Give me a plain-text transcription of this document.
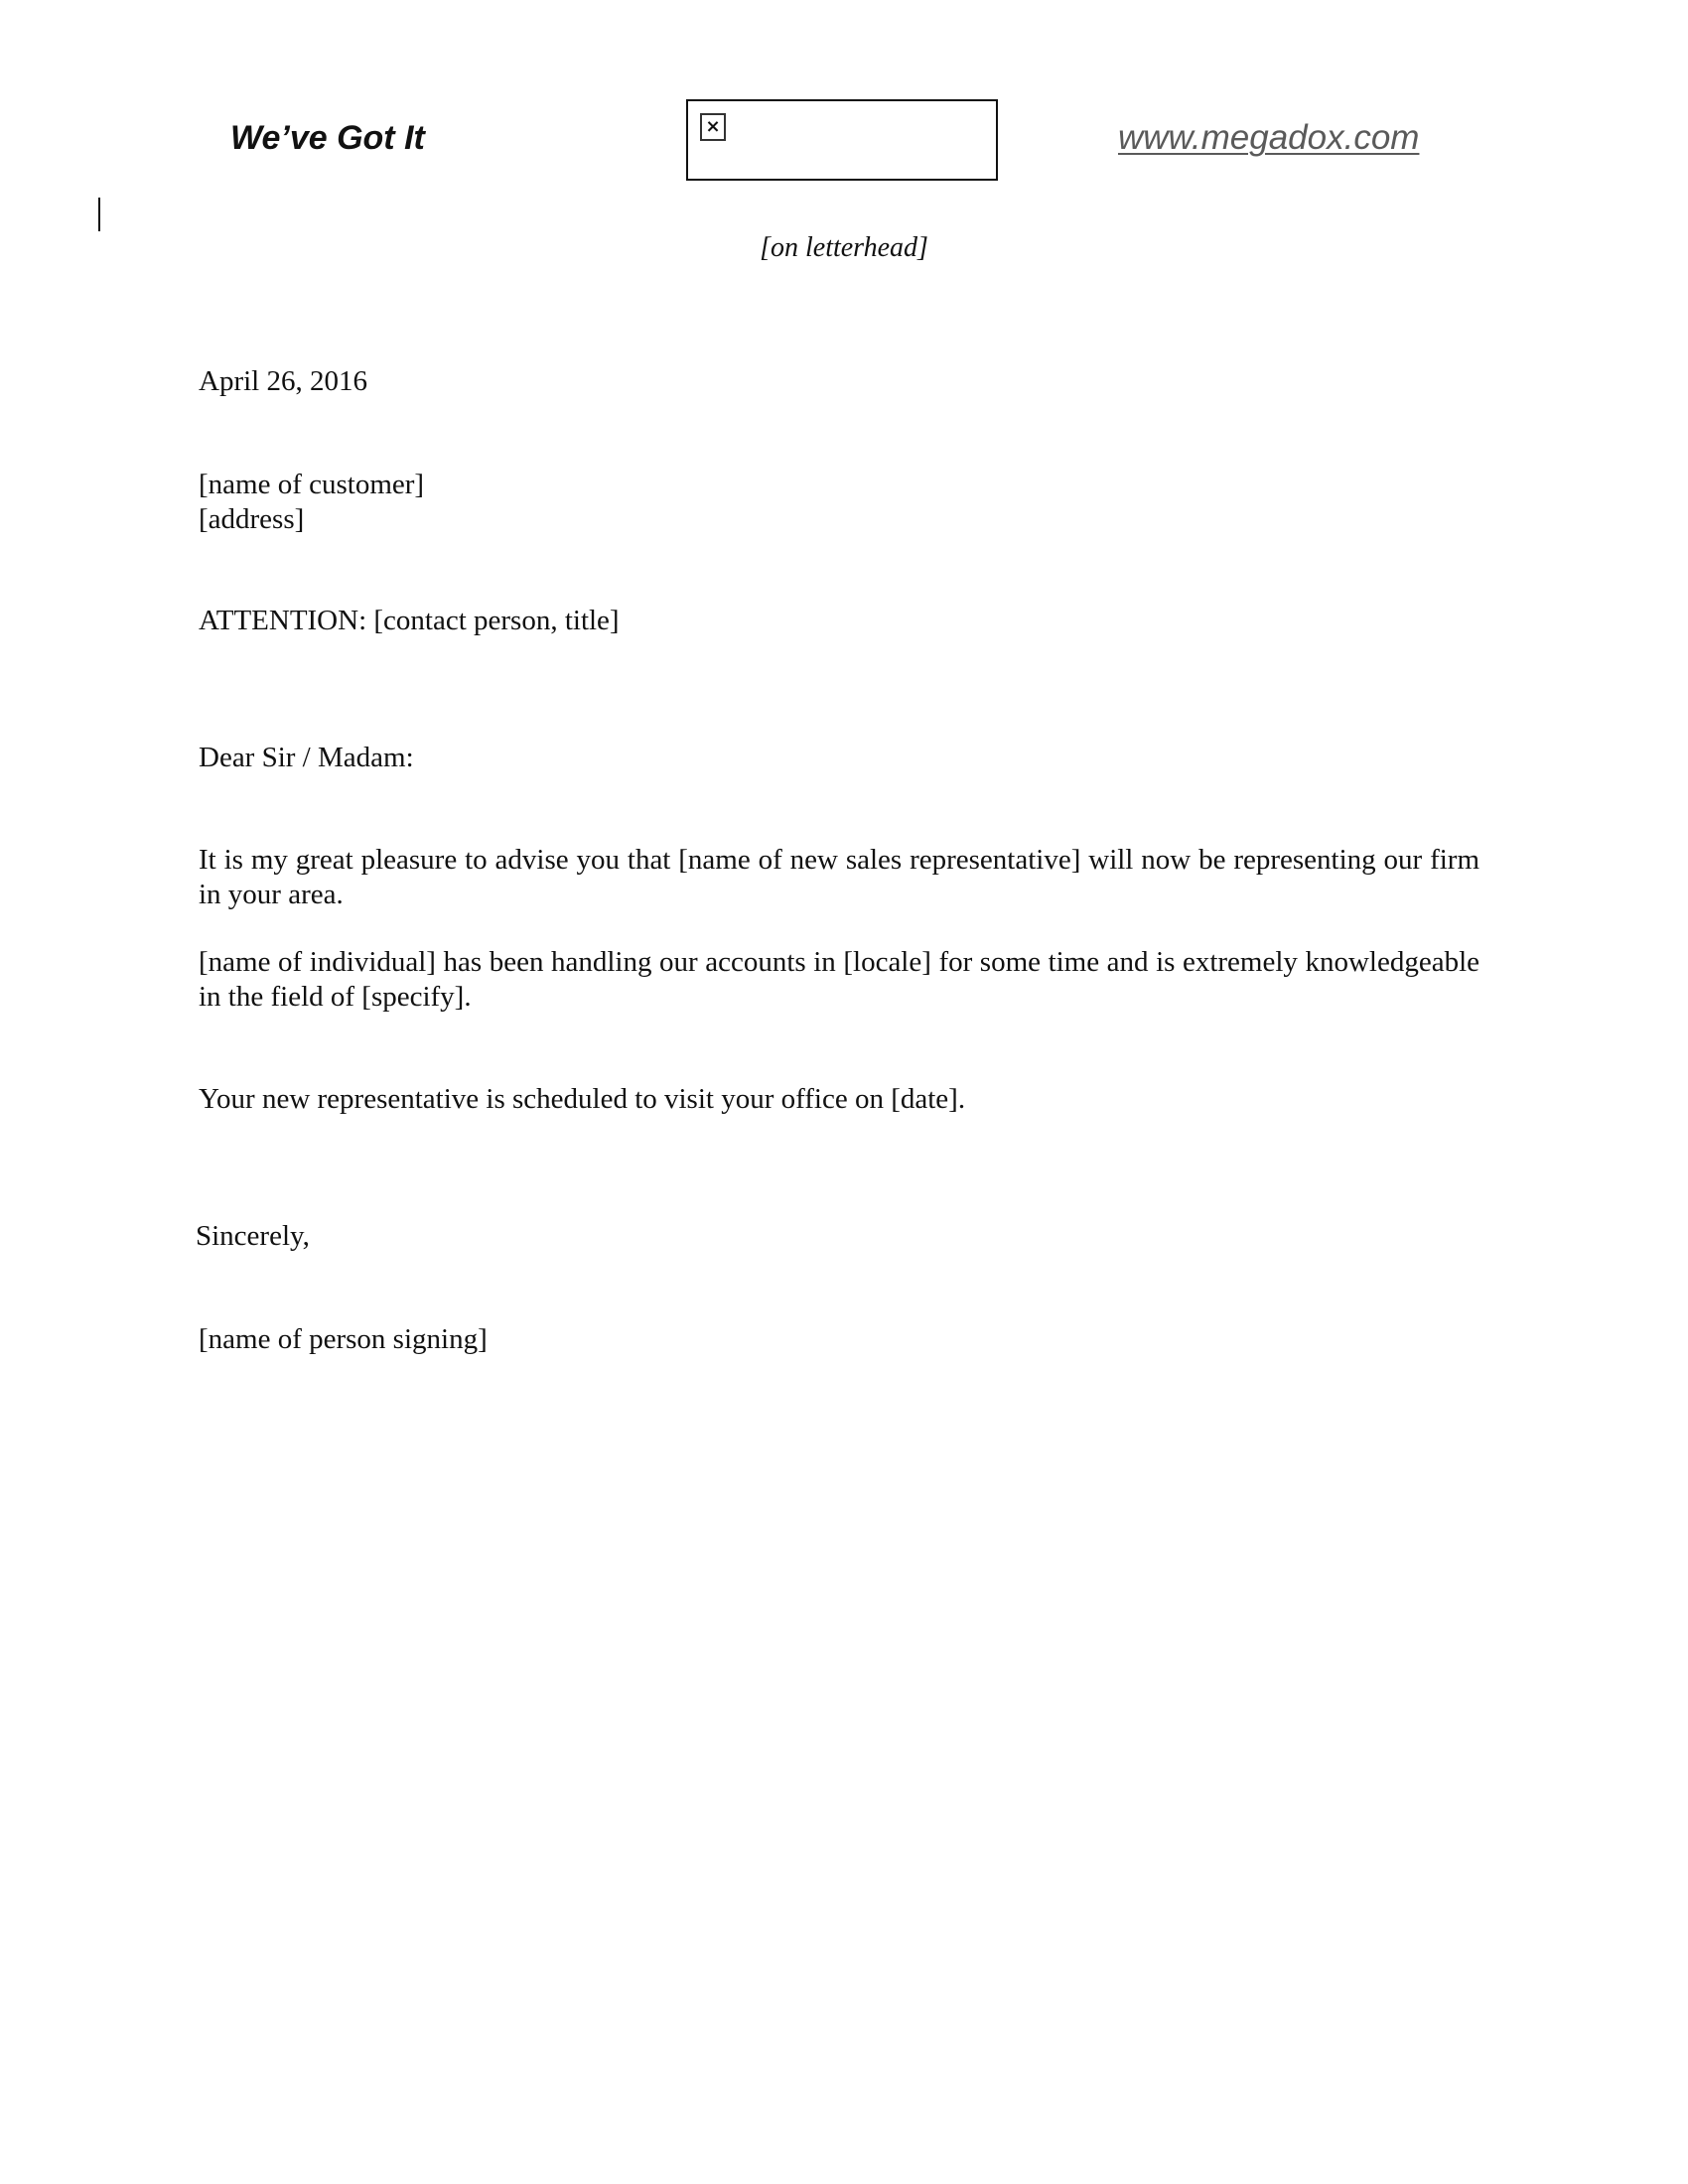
We’ve Got It	×	www.megadox.com
[on letterhead]
April 26, 2016
[name of customer]
[address]
ATTENTION: [contact person, title]
Dear Sir / Madam:
It is my great pleasure to advise you that [name of new sales representative] will now be representing our firm in your area.
[name of individual] has been handling our accounts in [locale] for some time and is extremely knowledgeable in the field of [specify].
Your new representative is scheduled to visit your office on [date].
Sincerely,
[name of person signing]
